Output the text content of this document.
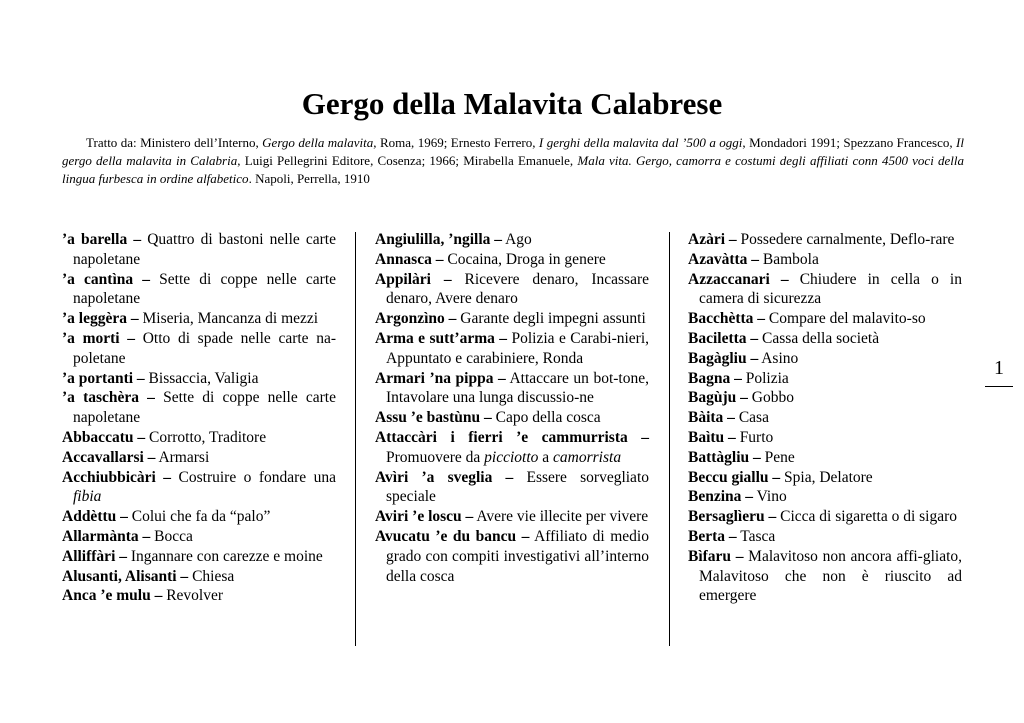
Gergo della Malavita Calabrese
Tratto da: Ministero dell’Interno, Gergo della malavita, Roma, 1969; Ernesto Ferrero, I gerghi della malavita dal ’500 a oggi, Mondadori 1991; Spezzano Francesco, Il gergo della malavita in Calabria, Luigi Pellegrini Editore, Cosenza; 1966; Mirabella Emanuele, Mala vita. Gergo, camorra e costumi degli affiliati conn 4500 voci della lingua furbesca in ordine alfabetico. Napoli, Perrella, 1910
’a barella – Quattro di bastoni nelle carte napoletane
’a cantìna – Sette di coppe nelle carte napoletane
’a leggèra – Miseria, Mancanza di mezzi
’a morti – Otto di spade nelle carte na-poletane
’a portanti – Bissaccia, Valigia
’a taschèra – Sette di coppe nelle carte napoletane
Abbaccatu – Corrotto, Traditore
Accavallarsi – Armarsi
Acchiubbicàri – Costruire o fondare una fibia
Addèttu – Colui che fa da “palo”
Allarmànta – Bocca
Alliffàri – Ingannare con carezze e moine
Alusanti, Alisanti – Chiesa
Anca ’e mulu – Revolver
Angiulilla, ’ngilla – Ago
Annasca – Cocaina, Droga in genere
Appilàri – Ricevere denaro, Incassare denaro, Avere denaro
Argonzìno – Garante degli impegni assunti
Arma e sutt’arma – Polizia e Carabi-nieri, Appuntato e carabiniere, Ronda
Armari ’na pippa – Attaccare un bot-tone, Intavolare una lunga discussio-ne
Assu ’e bastùnu – Capo della cosca
Attaccàri i fierri ’e cammurrista – Promuovere da picciotto a camorrista
Avìri ’a sveglia – Essere sorvegliato speciale
Aviri ’e loscu – Avere vie illecite per vivere
Avucatu ’e du bancu – Affiliato di medio grado con compiti investigativi all’interno della cosca
Azàri – Possedere carnalmente, Deflo-rare
Azavàtta – Bambola
Azzaccanari – Chiudere in cella o in camera di sicurezza
Bacchètta – Compare del malavito-so
Baciletta – Cassa della società
Bagàgliu – Asino
Bagna – Polizia
Bagùju – Gobbo
Bàita – Casa
Baìtu – Furto
Battàgliu – Pene
Beccu giallu – Spia, Delatore
Benzina – Vino
Bersaglìeru – Cicca di sigaretta o di sigaro
Berta – Tasca
Bìfaru – Malavitoso non ancora affi-gliato, Malavitoso che non è riuscito ad emergere
1
